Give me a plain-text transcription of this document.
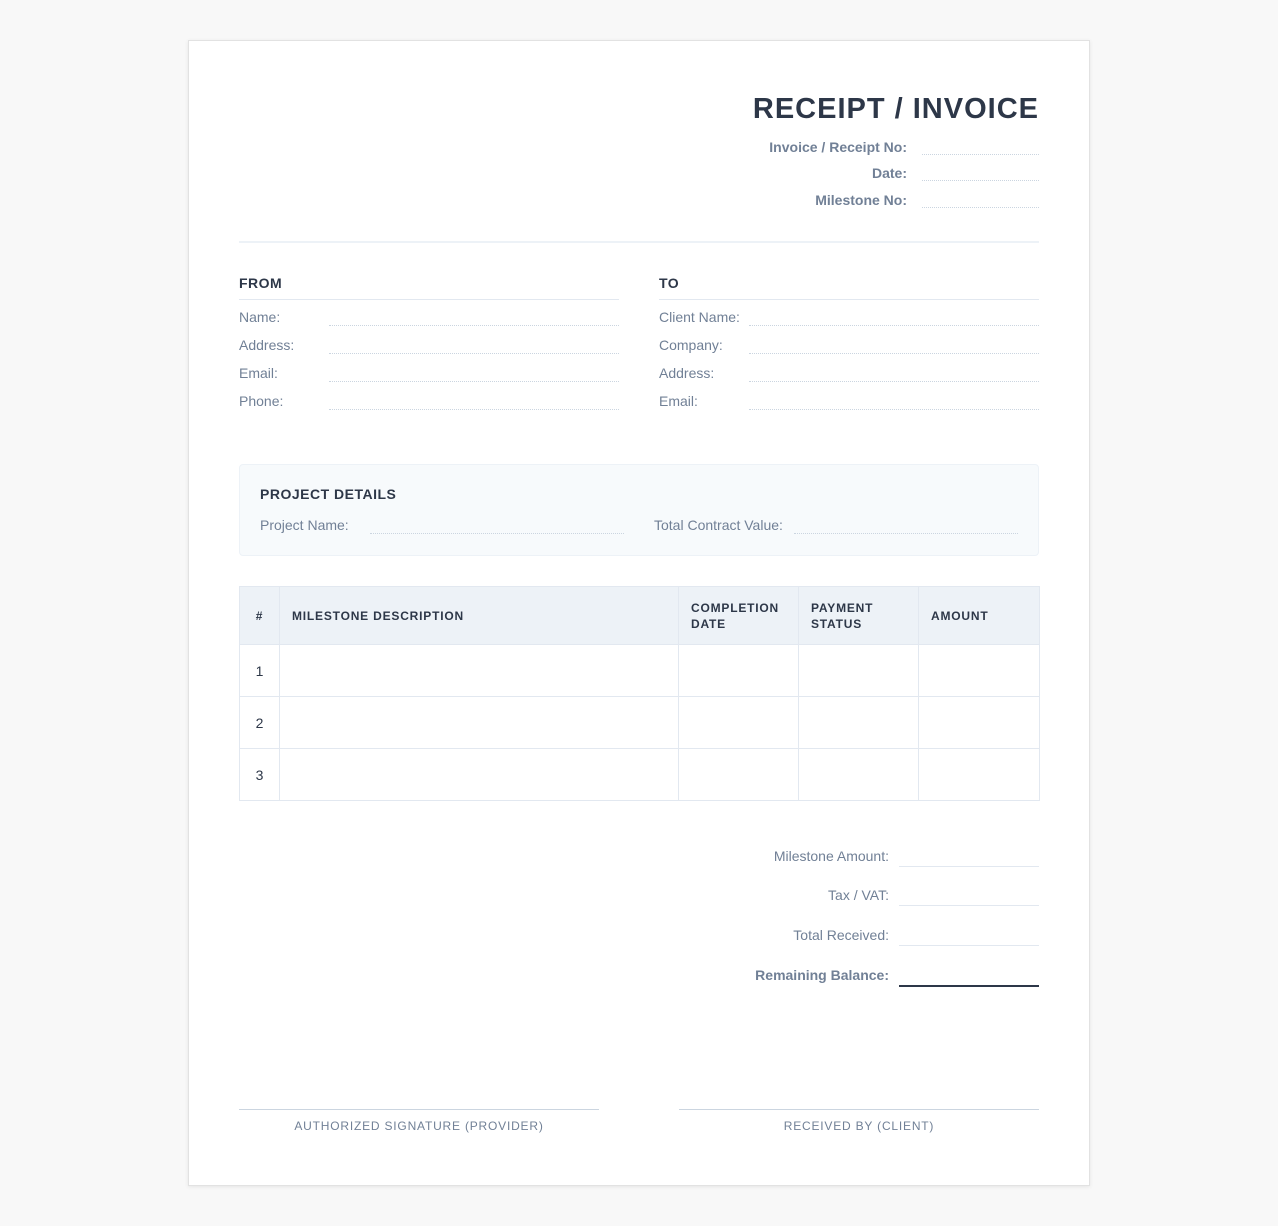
RECEIPT / INVOICE
Invoice / Receipt No:
Date:
Milestone No:
FROM
Name:
Address:
Email:
Phone:
TO
Client Name:
Company:
Address:
Email:
PROJECT DETAILS
Project Name:	Total Contract Value:
#	MILESTONE DESCRIPTION	COMPLETION DATE	PAYMENT STATUS	AMOUNT
1				
2				
3				
Milestone Amount:
Tax / VAT:
Total Received:
Remaining Balance:
AUTHORIZED SIGNATURE (PROVIDER)	RECEIVED BY (CLIENT)
